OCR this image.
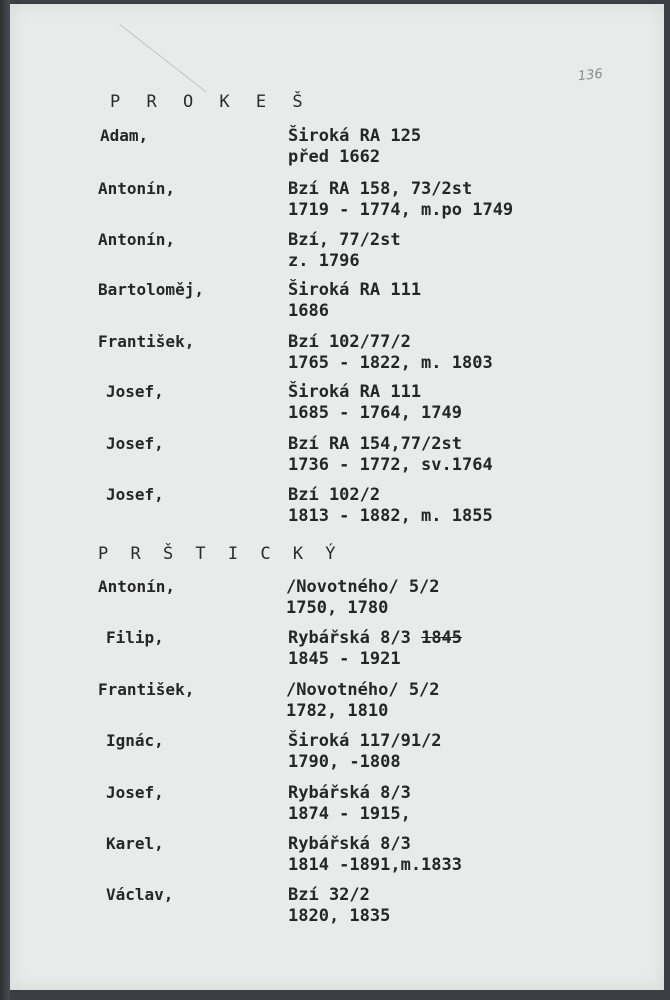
136
P R O K E Š
Adam,	Široká RA 125
před 1662
Antonín,	Bzí RA 158, 73/2st
1719 - 1774, m.po 1749
Antonín,	Bzí, 77/2st
z. 1796
Bartoloměj,	Široká RA 111
1686
František,	Bzí 102/77/2
1765 - 1822, m. 1803
Josef,	Široká RA 111
1685 - 1764, 1749
Josef,	Bzí RA 154,77/2st
1736 - 1772, sv.1764
Josef,	Bzí 102/2
1813 - 1882, m. 1855
P R Š T I C K Ý
Antonín,	/Novotného/ 5/2
1750, 1780
Filip,	Rybářská 8/3 1845
1845 - 1921
František,	/Novotného/ 5/2
1782, 1810
Ignác,	Široká 117/91/2
1790, -1808
Josef,	Rybářská 8/3
1874 - 1915,
Karel,	Rybářská 8/3
1814 -1891,m.1833
Václav,	Bzí 32/2
1820, 1835
